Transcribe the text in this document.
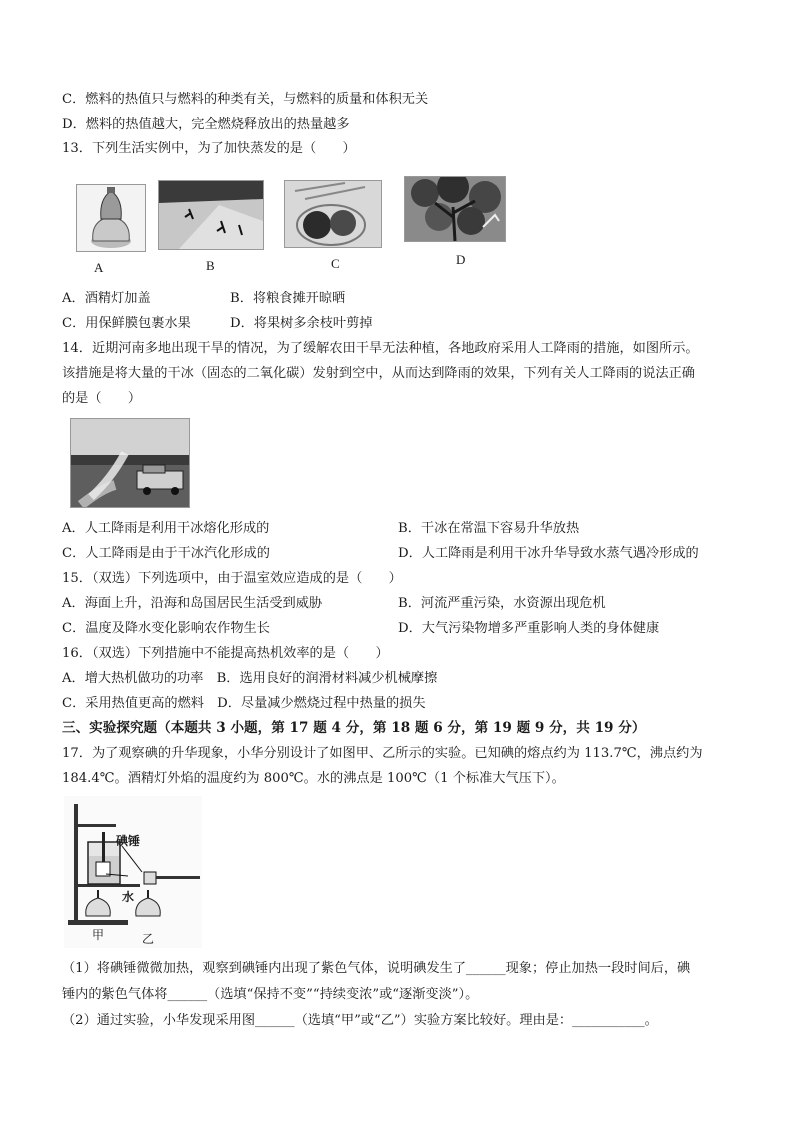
C．燃料的热值只与燃料的种类有关，与燃料的质量和体积无关
D．燃料的热值越大，完全燃烧释放出的热量越多
13．下列生活实例中，为了加快蒸发的是（　　）
A	B	C	D
A．酒精灯加盖	B．将粮食摊开晾晒
C．用保鲜膜包裹水果	D．将果树多余枝叶剪掉
14．近期河南多地出现干旱的情况，为了缓解农田干旱无法种植，各地政府采用人工降雨的措施，如图所示。
该措施是将大量的干冰（固态的二氧化碳）发射到空中，从而达到降雨的效果，下列有关人工降雨的说法正确
的是（　　）
A．人工降雨是利用干冰熔化形成的	B．干冰在常温下容易升华放热
C．人工降雨是由于干冰汽化形成的	D．人工降雨是利用干冰升华导致水蒸气遇冷形成的
15．（双选）下列选项中，由于温室效应造成的是（　　）
A．海面上升，沿海和岛国居民生活受到威胁	B．河流严重污染，水资源出现危机
C．温度及降水变化影响农作物生长	D．大气污染物增多严重影响人类的身体健康
16．（双选）下列措施中不能提高热机效率的是（　　）
A．增大热机做功的功率　B．选用良好的润滑材料减少机械摩擦
C．采用热值更高的燃料　D．尽量减少燃烧过程中热量的损失
三、实验探究题（本题共 3 小题，第 17 题 4 分，第 18 题 6 分，第 19 题 9 分，共 19 分）
17．为了观察碘的升华现象，小华分别设计了如图甲、乙所示的实验。已知碘的熔点约为 113.7℃，沸点约为
184.4℃。酒精灯外焰的温度约为 800℃。水的沸点是 100℃（1 个标准大气压下）。
碘锤
水
甲	乙
（1）将碘锤微微加热，观察到碘锤内出现了紫色气体，说明碘发生了______现象；停止加热一段时间后，碘
锤内的紫色气体将______（选填“保持不变”“持续变浓”或“逐渐变淡”）。
（2）通过实验，小华发现采用图______（选填“甲”或“乙”）实验方案比较好。理由是：___________。
